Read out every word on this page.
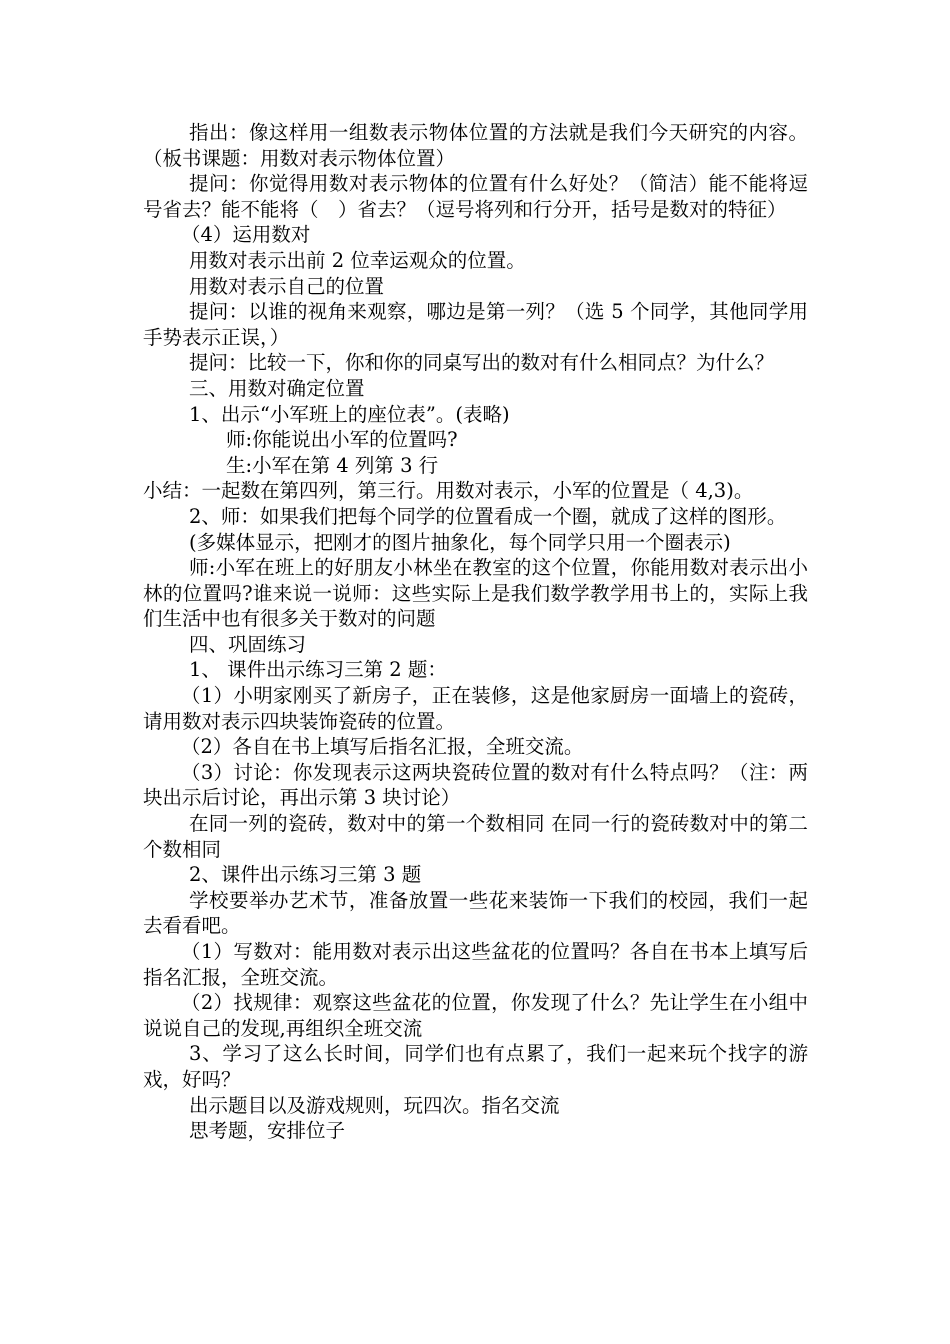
指出：像这样用一组数表示物体位置的方法就是我们今天研究的内容。（板书课题：用数对表示物体位置）

提问：你觉得用数对表示物体的位置有什么好处？（简洁）能不能将逗号省去？能不能将（　）省去？（逗号将列和行分开，括号是数对的特征）

（4）运用数对

用数对表示出前 2 位幸运观众的位置。

用数对表示自己的位置

提问：以谁的视角来观察，哪边是第一列？（选 5 个同学，其他同学用手势表示正误，）

提问：比较一下，你和你的同桌写出的数对有什么相同点？为什么？

三、用数对确定位置

1、出示“小军班上的座位表”。(表略)

师:你能说出小军的位置吗?

生:小军在第 4 列第 3 行

小结：一起数在第四列，第三行。用数对表示，小军的位置是（ 4,3)。

2、师：如果我们把每个同学的位置看成一个圈，就成了这样的图形。

(多媒体显示，把刚才的图片抽象化，每个同学只用一个圈表示)

师:小军在班上的好朋友小林坐在教室的这个位置，你能用数对表示出小林的位置吗?谁来说一说师：这些实际上是我们数学教学用书上的，实际上我们生活中也有很多关于数对的问题

四、巩固练习

1、 课件出示练习三第 2 题：

（1）小明家刚买了新房子，正在装修，这是他家厨房一面墙上的瓷砖，请用数对表示四块装饰瓷砖的位置。

（2）各自在书上填写后指名汇报，全班交流。

（3）讨论：你发现表示这两块瓷砖位置的数对有什么特点吗？（注：两块出示后讨论，再出示第 3 块讨论）

在同一列的瓷砖，数对中的第一个数相同 在同一行的瓷砖数对中的第二个数相同

2、课件出示练习三第 3 题

学校要举办艺术节，准备放置一些花来装饰一下我们的校园，我们一起去看看吧。

（1）写数对：能用数对表示出这些盆花的位置吗？各自在书本上填写后指名汇报，全班交流。

（2）找规律：观察这些盆花的位置，你发现了什么？先让学生在小组中说说自己的发现,再组织全班交流

3、学习了这么长时间，同学们也有点累了，我们一起来玩个找字的游戏，好吗？

出示题目以及游戏规则，玩四次。指名交流

思考题，安排位子
